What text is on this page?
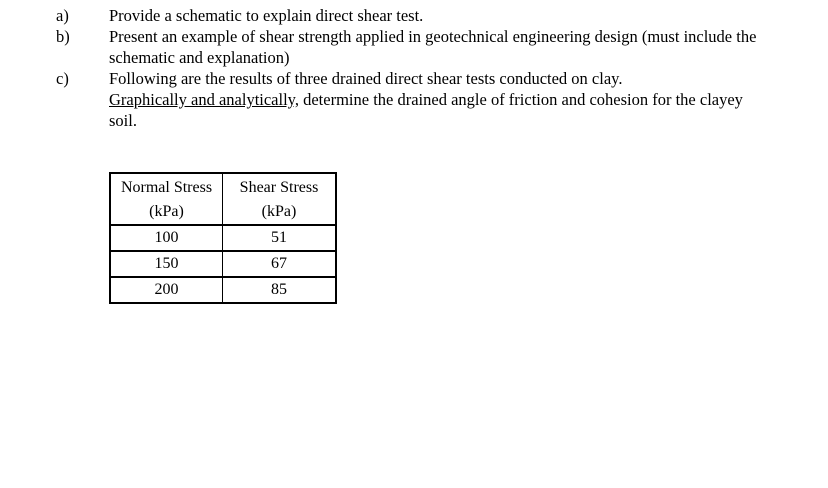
a) Provide a schematic to explain direct shear test.
b) Present an example of shear strength applied in geotechnical engineering design (must include the schematic and explanation)
c) Following are the results of three drained direct shear tests conducted on clay.
Graphically and analytically, determine the drained angle of friction and cohesion for the clayey soil.
Normal Stress	Shear Stress
(kPa)	(kPa)
100	51
150	67
200	85
